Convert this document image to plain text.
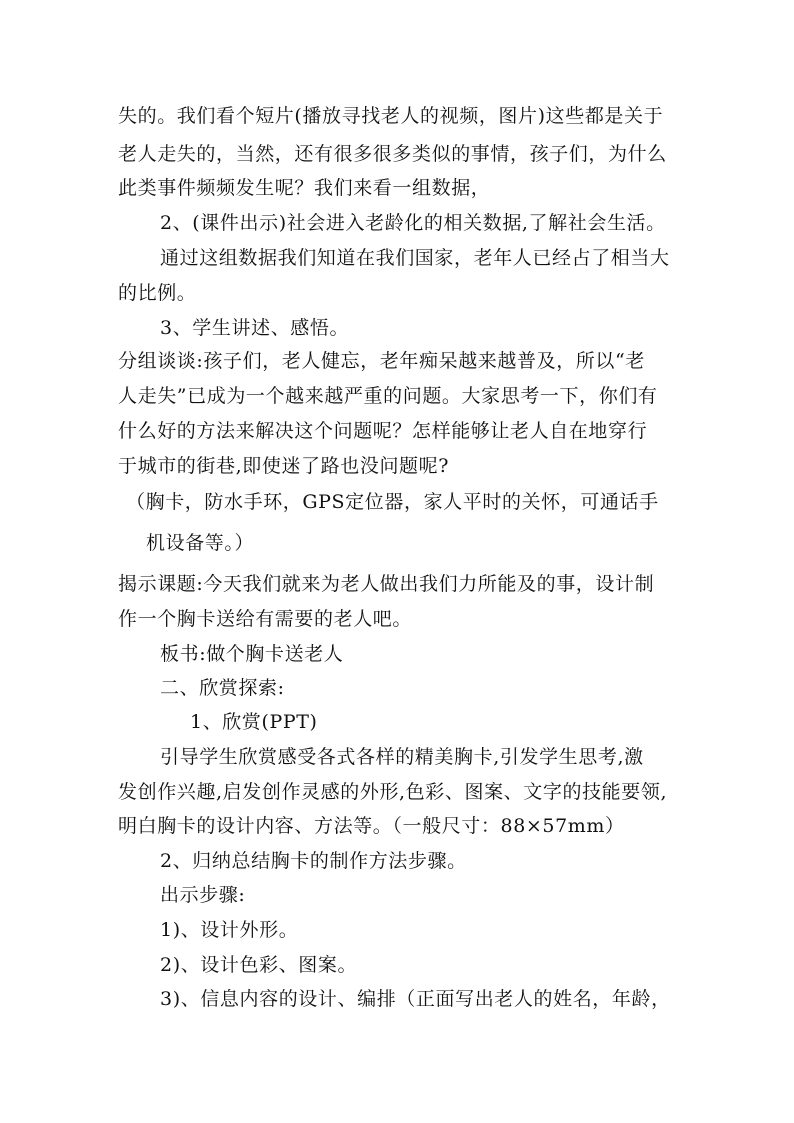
失的。我们看个短片(播放寻找老人的视频，图片)这些都是关于
老人走失的，当然，还有很多很多类似的事情，孩子们，为什么
此类事件频频发生呢？我们来看一组数据，
2、(课件出示)社会进入老龄化的相关数据,了解社会生活。
通过这组数据我们知道在我们国家，老年人已经占了相当大
的比例。
3、学生讲述、感悟。
分组谈谈:孩子们，老人健忘，老年痴呆越来越普及，所以“老
人走失”已成为一个越来越严重的问题。大家思考一下，你们有
什么好的方法来解决这个问题呢？怎样能够让老人自在地穿行
于城市的街巷,即使迷了路也没问题呢?
（胸卡，防水手环，GPS定位器，家人平时的关怀，可通话手
机设备等。）
揭示课题:今天我们就来为老人做出我们力所能及的事，设计制
作一个胸卡送给有需要的老人吧。
板书:做个胸卡送老人
二、欣赏探索:
1、欣赏(PPT)
引导学生欣赏感受各式各样的精美胸卡,引发学生思考,激
发创作兴趣,启发创作灵感的外形,色彩、图案、文字的技能要领,
明白胸卡的设计内容、方法等。（一般尺寸：88×57mm）
2、归纳总结胸卡的制作方法步骤。
出示步骤:
1)、设计外形。
2)、设计色彩、图案。
3)、信息内容的设计、编排（正面写出老人的姓名，年龄，
